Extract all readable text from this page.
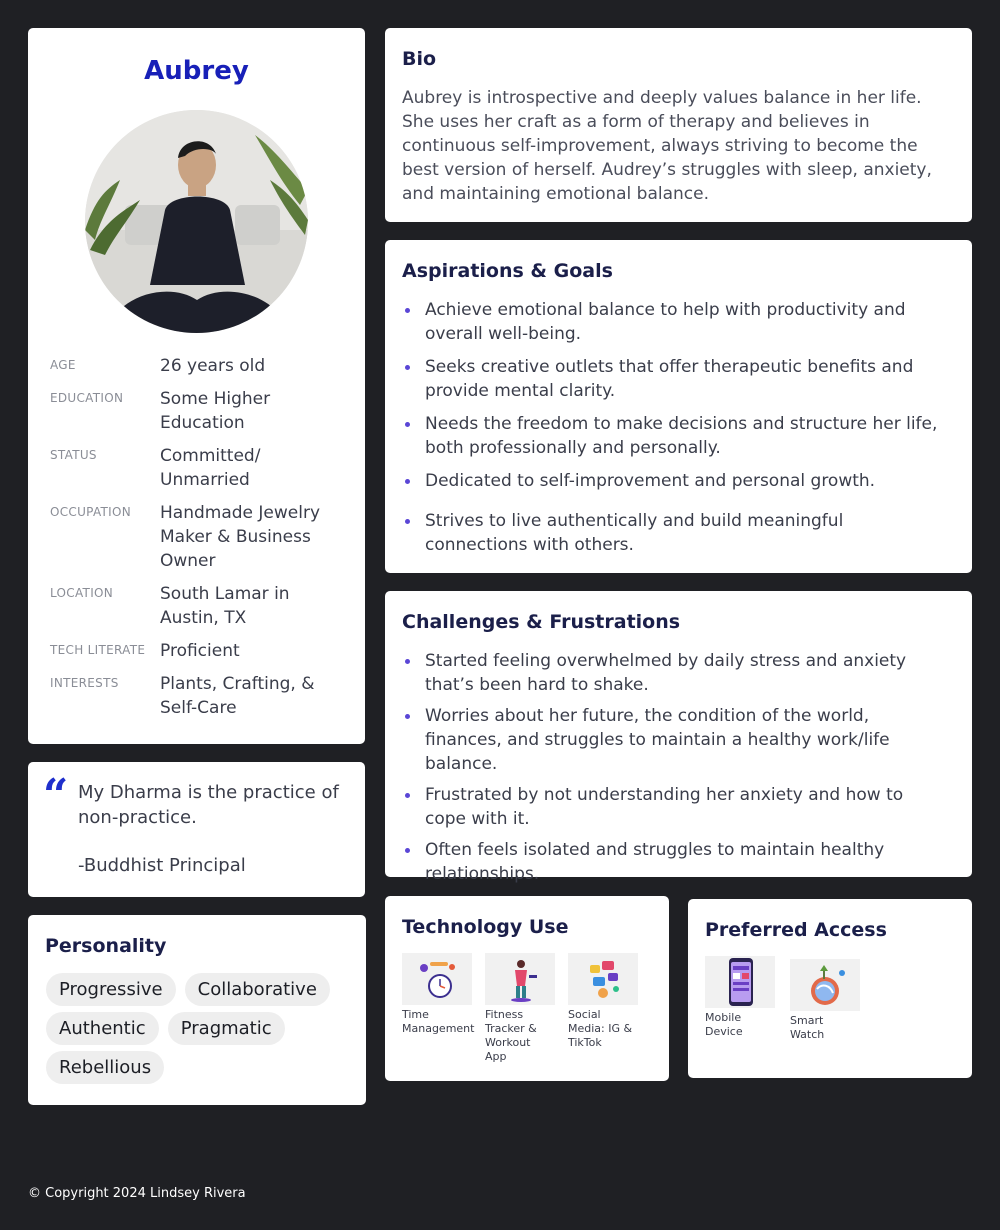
Aubrey
AGE	26 years old
EDUCATION	Some Higher Education
STATUS	Committed/ Unmarried
OCCUPATION	Handmade Jewelry Maker & Business Owner
LOCATION	South Lamar in Austin, TX
TECH LITERATE Proficient
INTERESTS	Plants, Crafting, & Self-Care
“ My Dharma is the practice of non-practice.
-Buddhist Principal
Personality
Progressive Collaborative Authentic Pragmatic Rebellious
Bio
Aubrey is introspective and deeply values balance in her life. She uses her craft as a form of therapy and believes in continuous self-improvement, always striving to become the best version of herself. Audrey’s struggles with sleep, anxiety, and maintaining emotional balance.
Aspirations & Goals
Achieve emotional balance to help with productivity and overall well-being.
Seeks creative outlets that offer therapeutic benefits and provide mental clarity.
Needs the freedom to make decisions and structure her life, both professionally and personally.
Dedicated to self-improvement and personal growth.
Strives to live authentically and build meaningful connections with others.
Challenges & Frustrations
Started feeling overwhelmed by daily stress and anxiety that’s been hard to shake.
Worries about her future, the condition of the world, finances, and struggles to maintain a healthy work/life balance.
Frustrated by not understanding her anxiety and how to cope with it.
Often feels isolated and struggles to maintain healthy relationships.
Technology Use
Time Management
Fitness Tracker & Workout App
Social Media: IG & TikTok
Preferred Access
Mobile Device
Smart Watch
© Copyright 2024 Lindsey Rivera
